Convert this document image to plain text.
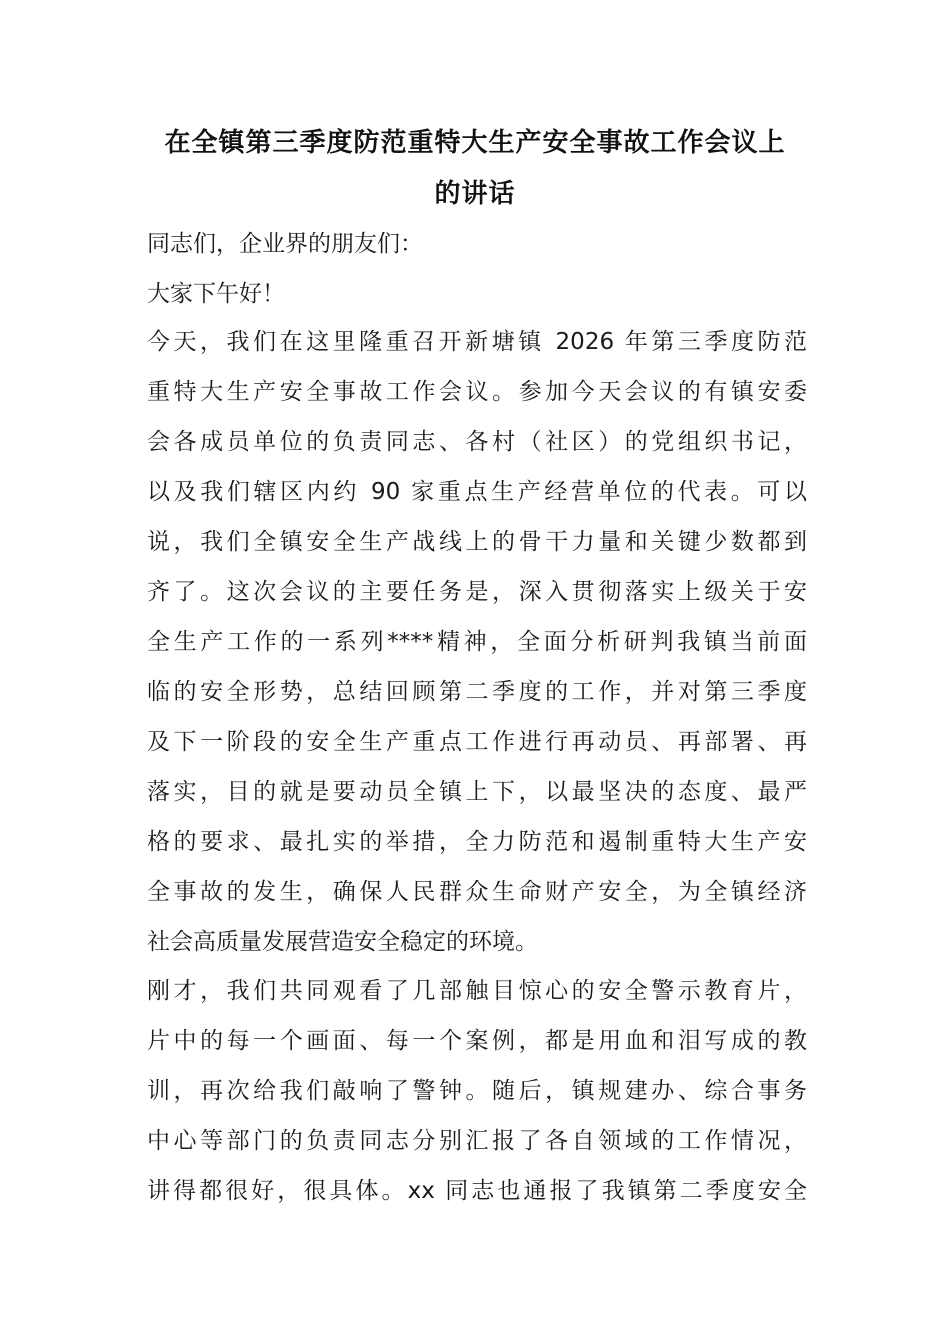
在全镇第三季度防范重特大生产安全事故工作会议上
的讲话
同志们，企业界的朋友们：
大家下午好！
今天，我们在这里隆重召开新塘镇 2026 年第三季度防范
重特大生产安全事故工作会议。参加今天会议的有镇安委
会各成员单位的负责同志、各村（社区）的党组织书记，
以及我们辖区内约 90 家重点生产经营单位的代表。可以
说，我们全镇安全生产战线上的骨干力量和关键少数都到
齐了。这次会议的主要任务是，深入贯彻落实上级关于安
全生产工作的一系列****精神，全面分析研判我镇当前面
临的安全形势，总结回顾第二季度的工作，并对第三季度
及下一阶段的安全生产重点工作进行再动员、再部署、再
落实，目的就是要动员全镇上下，以最坚决的态度、最严
格的要求、最扎实的举措，全力防范和遏制重特大生产安
全事故的发生，确保人民群众生命财产安全，为全镇经济
社会高质量发展营造安全稳定的环境。
刚才，我们共同观看了几部触目惊心的安全警示教育片，
片中的每一个画面、每一个案例，都是用血和泪写成的教
训，再次给我们敲响了警钟。随后，镇规建办、综合事务
中心等部门的负责同志分别汇报了各自领域的工作情况，
讲得都很好，很具体。xx 同志也通报了我镇第二季度安全
